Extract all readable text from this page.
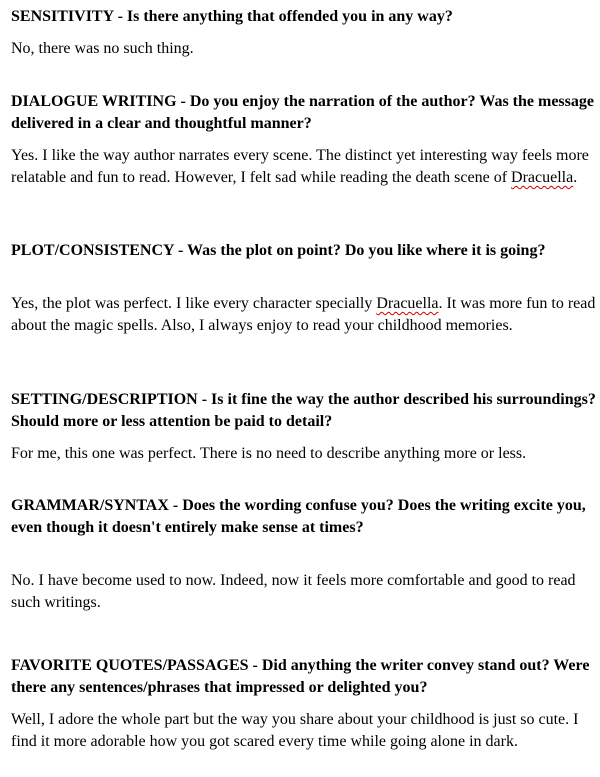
SENSITIVITY - Is there anything that offended you in any way?
No, there was no such thing.
DIALOGUE WRITING - Do you enjoy the narration of the author? Was the message delivered in a clear and thoughtful manner?
Yes. I like the way author narrates every scene. The distinct yet interesting way feels more relatable and fun to read. However, I felt sad while reading the death scene of Dracuella.
PLOT/CONSISTENCY - Was the plot on point? Do you like where it is going?
Yes, the plot was perfect. I like every character specially Dracuella. It was more fun to read about the magic spells. Also, I always enjoy to read your childhood memories.
SETTING/DESCRIPTION - Is it fine the way the author described his surroundings? Should more or less attention be paid to detail?
For me, this one was perfect. There is no need to describe anything more or less.
GRAMMAR/SYNTAX - Does the wording confuse you? Does the writing excite you, even though it doesn't entirely make sense at times?
No. I have become used to now. Indeed, now it feels more comfortable and good to read such writings.
FAVORITE QUOTES/PASSAGES - Did anything the writer convey stand out? Were there any sentences/phrases that impressed or delighted you?
Well, I adore the whole part but the way you share about your childhood is just so cute. I find it more adorable how you got scared every time while going alone in dark.
